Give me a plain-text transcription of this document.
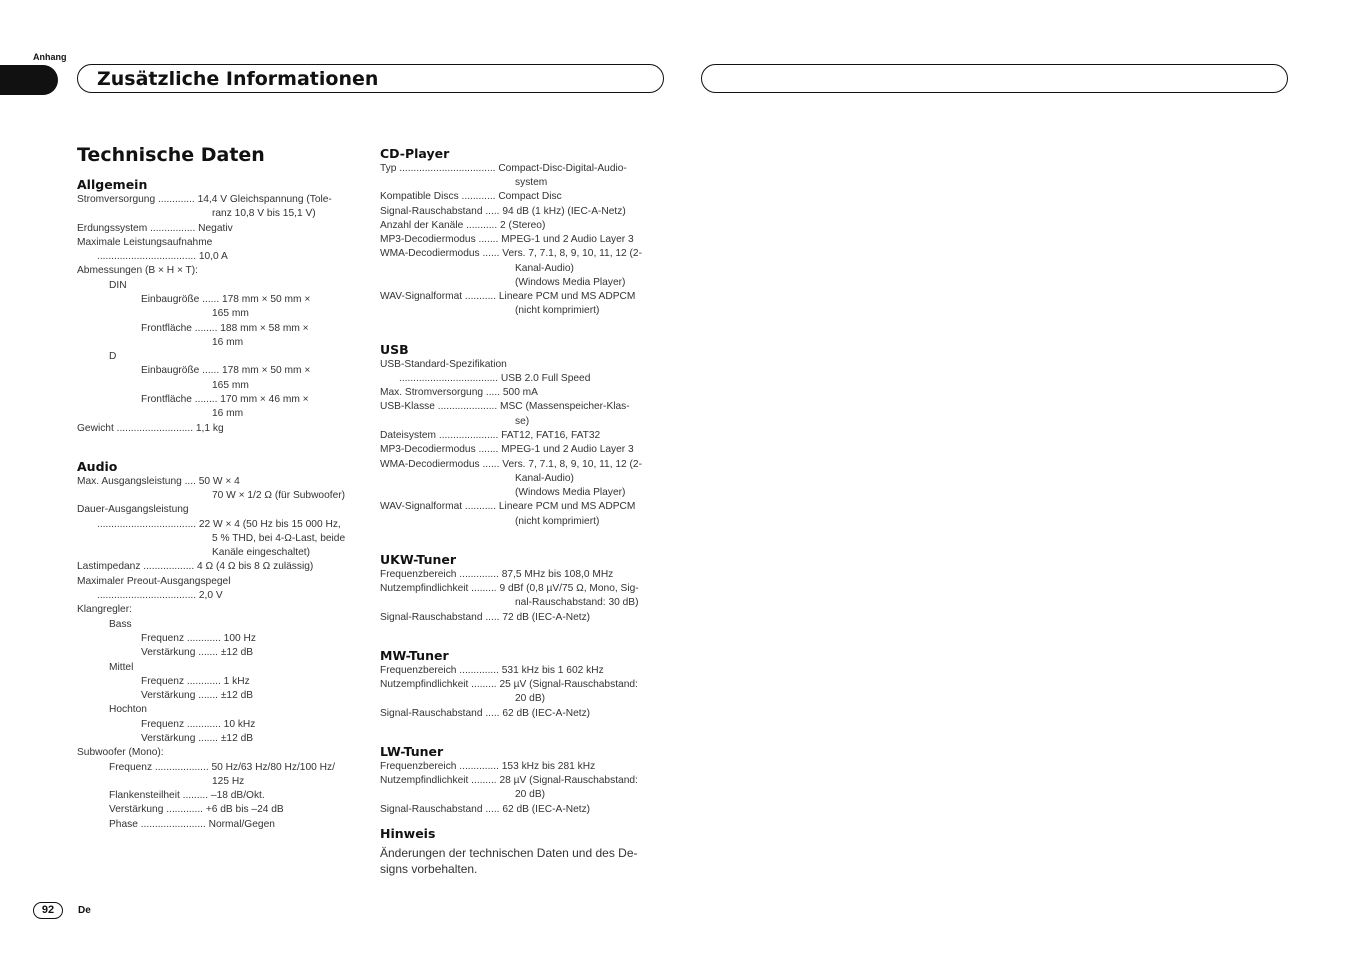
Anhang
Zusätzliche Informationen
Technische Daten
Allgemein
Stromversorgung ............. 14,4 V Gleichspannung (Tole-
ranz 10,8 V bis 15,1 V)
Erdungssystem ................ Negativ
Maximale Leistungsaufnahme
................................... 10,0 A
Abmessungen (B × H × T):
DIN
Einbaugröße ...... 178 mm × 50 mm ×
165 mm
Frontfläche ........ 188 mm × 58 mm ×
16 mm
D
Einbaugröße ...... 178 mm × 50 mm ×
165 mm
Frontfläche ........ 170 mm × 46 mm ×
16 mm
Gewicht ........................... 1,1 kg
Audio
Max. Ausgangsleistung .... 50 W × 4
70 W × 1/2 Ω (für Subwoofer)
Dauer-Ausgangsleistung
................................... 22 W × 4 (50 Hz bis 15 000 Hz,
5 % THD, bei 4-Ω-Last, beide
Kanäle eingeschaltet)
Lastimpedanz .................. 4 Ω (4 Ω bis 8 Ω zulässig)
Maximaler Preout-Ausgangspegel
................................... 2,0 V
Klangregler:
Bass
Frequenz ............ 100 Hz
Verstärkung ....... ±12 dB
Mittel
Frequenz ............ 1 kHz
Verstärkung ....... ±12 dB
Hochton
Frequenz ............ 10 kHz
Verstärkung ....... ±12 dB
Subwoofer (Mono):
Frequenz ................... 50 Hz/63 Hz/80 Hz/100 Hz/
125 Hz
Flankensteilheit ......... –18 dB/Okt.
Verstärkung ............. +6 dB bis –24 dB
Phase ....................... Normal/Gegen
CD-Player
Typ .................................. Compact-Disc-Digital-Audio-
system
Kompatible Discs ............ Compact Disc
Signal-Rauschabstand ..... 94 dB (1 kHz) (IEC-A-Netz)
Anzahl der Kanäle ........... 2 (Stereo)
MP3-Decodiermodus ....... MPEG-1 und 2 Audio Layer 3
WMA-Decodiermodus ...... Vers. 7, 7.1, 8, 9, 10, 11, 12 (2-
Kanal-Audio)
(Windows Media Player)
WAV-Signalformat ........... Lineare PCM und MS ADPCM
(nicht komprimiert)
USB
USB-Standard-Spezifikation
................................... USB 2.0 Full Speed
Max. Stromversorgung ..... 500 mA
USB-Klasse ..................... MSC (Massenspeicher-Klas-
se)
Dateisystem ..................... FAT12, FAT16, FAT32
MP3-Decodiermodus ....... MPEG-1 und 2 Audio Layer 3
WMA-Decodiermodus ...... Vers. 7, 7.1, 8, 9, 10, 11, 12 (2-
Kanal-Audio)
(Windows Media Player)
WAV-Signalformat ........... Lineare PCM und MS ADPCM
(nicht komprimiert)
UKW-Tuner
Frequenzbereich .............. 87,5 MHz bis 108,0 MHz
Nutzempfindlichkeit ......... 9 dBf (0,8 µV/75 Ω, Mono, Sig-
nal-Rauschabstand: 30 dB)
Signal-Rauschabstand ..... 72 dB (IEC-A-Netz)
MW-Tuner
Frequenzbereich .............. 531 kHz bis 1 602 kHz
Nutzempfindlichkeit ......... 25 µV (Signal-Rauschabstand:
20 dB)
Signal-Rauschabstand ..... 62 dB (IEC-A-Netz)
LW-Tuner
Frequenzbereich .............. 153 kHz bis 281 kHz
Nutzempfindlichkeit ......... 28 µV (Signal-Rauschabstand:
20 dB)
Signal-Rauschabstand ..... 62 dB (IEC-A-Netz)
Hinweis
Änderungen der technischen Daten und des De-
signs vorbehalten.
92	De
